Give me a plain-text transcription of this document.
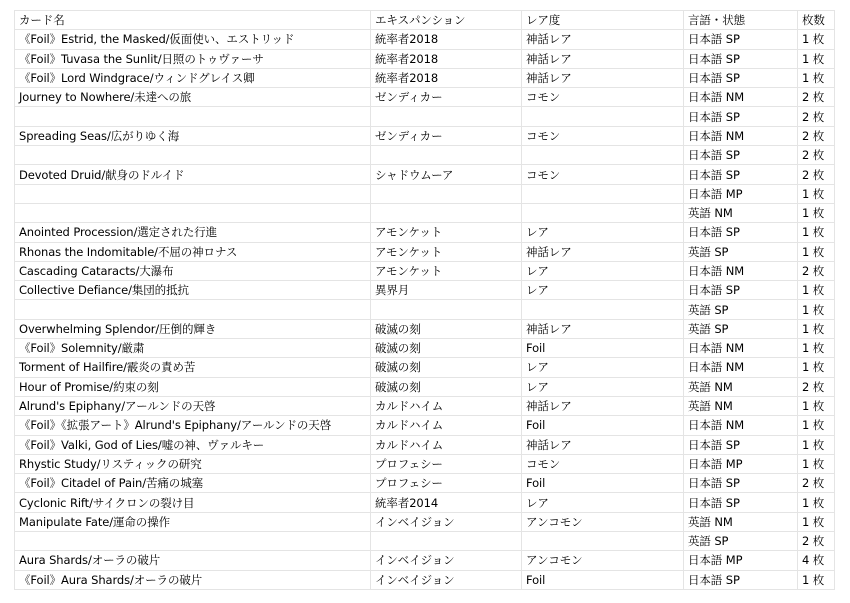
カード名	エキスパンション	レア度	言語・状態	枚数
《Foil》Estrid, the Masked/仮面使い、エストリッド	統率者2018	神話レア	日本語 SP	1 枚
《Foil》Tuvasa the Sunlit/日照のトゥヴァーサ	統率者2018	神話レア	日本語 SP	1 枚
《Foil》Lord Windgrace/ウィンドグレイス卿	統率者2018	神話レア	日本語 SP	1 枚
Journey to Nowhere/未達への旅	ゼンディカー	コモン	日本語 NM	2 枚
			日本語 SP	2 枚
Spreading Seas/広がりゆく海	ゼンディカー	コモン	日本語 NM	2 枚
			日本語 SP	2 枚
Devoted Druid/献身のドルイド	シャドウムーア	コモン	日本語 SP	2 枚
			日本語 MP	1 枚
			英語 NM	1 枚
Anointed Procession/選定された行進	アモンケット	レア	日本語 SP	1 枚
Rhonas the Indomitable/不屈の神ロナス	アモンケット	神話レア	英語 SP	1 枚
Cascading Cataracts/大瀑布	アモンケット	レア	日本語 NM	2 枚
Collective Defiance/集団的抵抗	異界月	レア	日本語 SP	1 枚
			英語 SP	1 枚
Overwhelming Splendor/圧倒的輝き	破滅の刻	神話レア	英語 SP	1 枚
《Foil》Solemnity/厳粛	破滅の刻	Foil	日本語 NM	1 枚
Torment of Hailfire/霰炎の責め苦	破滅の刻	レア	日本語 NM	1 枚
Hour of Promise/約束の刻	破滅の刻	レア	英語 NM	2 枚
Alrund's Epiphany/アールンドの天啓	カルドハイム	神話レア	英語 NM	1 枚
《Foil》《拡張アート》Alrund's Epiphany/アールンドの天啓	カルドハイム	Foil	日本語 NM	1 枚
《Foil》Valki, God of Lies/嘘の神、ヴァルキー	カルドハイム	神話レア	日本語 SP	1 枚
Rhystic Study/リスティックの研究	プロフェシー	コモン	日本語 MP	1 枚
《Foil》Citadel of Pain/苦痛の城塞	プロフェシー	Foil	日本語 SP	2 枚
Cyclonic Rift/サイクロンの裂け目	統率者2014	レア	日本語 SP	1 枚
Manipulate Fate/運命の操作	インベイジョン	アンコモン	英語 NM	1 枚
			英語 SP	2 枚
Aura Shards/オーラの破片	インベイジョン	アンコモン	日本語 MP	4 枚
《Foil》Aura Shards/オーラの破片	インベイジョン	Foil	日本語 SP	1 枚
